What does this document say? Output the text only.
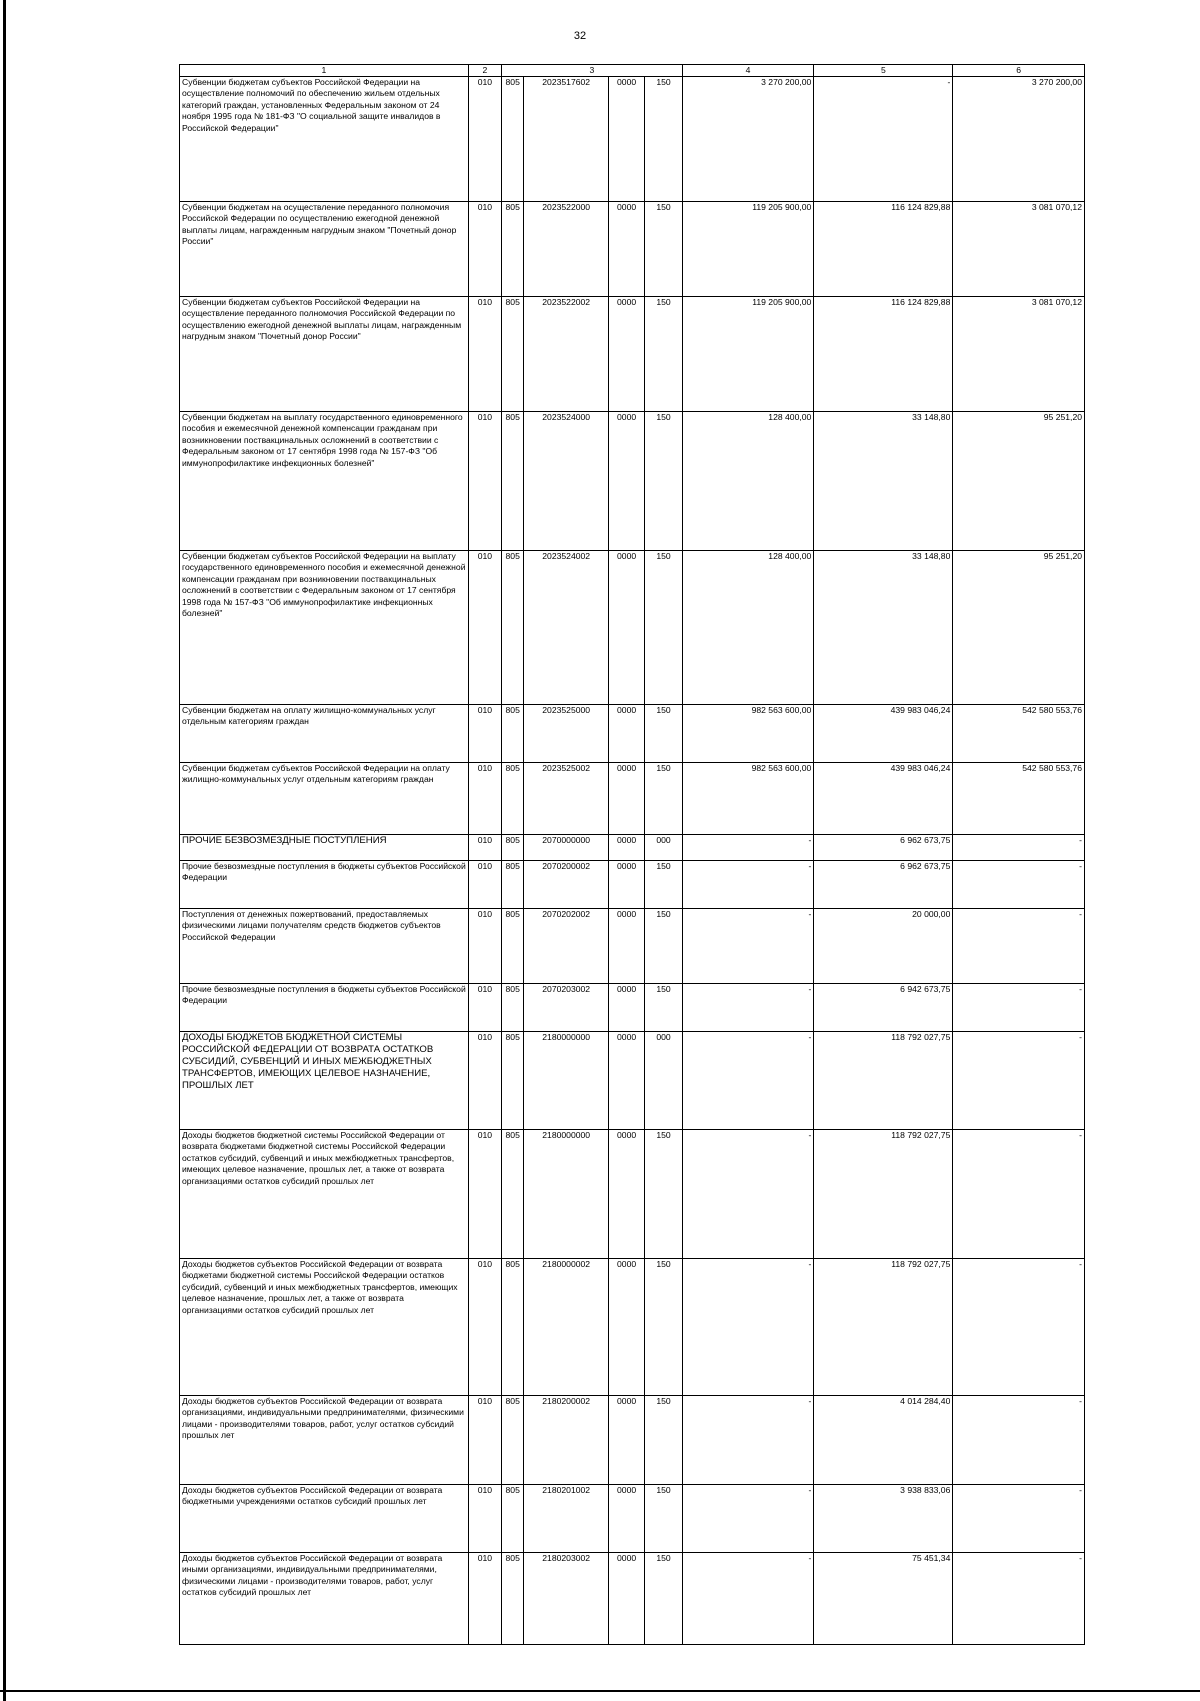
32
1	2	3				4	5	6
Субвенции бюджетам субъектов Российской Федерации на осуществление полномочий по обеспечению жильем отдельных категорий граждан, установленных Федеральным законом от 24 ноября 1995 года № 181-ФЗ "О социальной защите инвалидов в Российской Федерации"	010	805	2023517602	0000	150	3 270 200,00	-	3 270 200,00
Субвенции бюджетам на осуществление переданного полномочия Российской Федерации по осуществлению ежегодной денежной выплаты лицам, награжденным нагрудным знаком "Почетный донор России"	010	805	2023522000	0000	150	119 205 900,00	116 124 829,88	3 081 070,12
Субвенции бюджетам субъектов Российской Федерации на осуществление переданного полномочия Российской Федерации по осуществлению ежегодной денежной выплаты лицам, награжденным нагрудным знаком "Почетный донор России"	010	805	2023522002	0000	150	119 205 900,00	116 124 829,88	3 081 070,12
Субвенции бюджетам на выплату государственного единовременного пособия и ежемесячной денежной компенсации гражданам при возникновении поствакцинальных осложнений в соответствии с Федеральным законом от 17 сентября 1998 года № 157-ФЗ "Об иммунопрофилактике инфекционных болезней"	010	805	2023524000	0000	150	128 400,00	33 148,80	95 251,20
Субвенции бюджетам субъектов Российской Федерации на выплату государственного единовременного пособия и ежемесячной денежной компенсации гражданам при возникновении поствакцинальных осложнений в соответствии с Федеральным законом от 17 сентября 1998 года № 157-ФЗ "Об иммунопрофилактике инфекционных болезней"	010	805	2023524002	0000	150	128 400,00	33 148,80	95 251,20
Субвенции бюджетам на оплату жилищно-коммунальных услуг отдельным категориям граждан	010	805	2023525000	0000	150	982 563 600,00	439 983 046,24	542 580 553,76
Субвенции бюджетам субъектов Российской Федерации на оплату жилищно-коммунальных услуг отдельным категориям граждан	010	805	2023525002	0000	150	982 563 600,00	439 983 046,24	542 580 553,76
ПРОЧИЕ БЕЗВОЗМЕЗДНЫЕ ПОСТУПЛЕНИЯ	010	805	2070000000	0000	000	-	6 962 673,75	-
Прочие безвозмездные поступления в бюджеты субъектов Российской Федерации	010	805	2070200002	0000	150	-	6 962 673,75	-
Поступления от денежных пожертвований, предоставляемых физическими лицами получателям средств бюджетов субъектов Российской Федерации	010	805	2070202002	0000	150	-	20 000,00	-
Прочие безвозмездные поступления в бюджеты субъектов Российской Федерации	010	805	2070203002	0000	150	-	6 942 673,75	-
ДОХОДЫ БЮДЖЕТОВ БЮДЖЕТНОЙ СИСТЕМЫ РОССИЙСКОЙ ФЕДЕРАЦИИ ОТ ВОЗВРАТА ОСТАТКОВ СУБСИДИЙ, СУБВЕНЦИЙ И ИНЫХ МЕЖБЮДЖЕТНЫХ ТРАНСФЕРТОВ, ИМЕЮЩИХ ЦЕЛЕВОЕ НАЗНАЧЕНИЕ, ПРОШЛЫХ ЛЕТ	010	805	2180000000	0000	000	-	118 792 027,75	-
Доходы бюджетов бюджетной системы Российской Федерации от возврата бюджетами бюджетной системы Российской Федерации остатков субсидий, субвенций и иных межбюджетных трансфертов, имеющих целевое назначение, прошлых лет, а также от возврата организациями остатков субсидий прошлых лет	010	805	2180000000	0000	150	-	118 792 027,75	-
Доходы бюджетов субъектов Российской Федерации от возврата бюджетами бюджетной системы Российской Федерации остатков субсидий, субвенций и иных межбюджетных трансфертов, имеющих целевое назначение, прошлых лет, а также от возврата организациями остатков субсидий прошлых лет	010	805	2180000002	0000	150	-	118 792 027,75	-
Доходы бюджетов субъектов Российской Федерации от возврата организациями, индивидуальными предпринимателями, физическими лицами - производителями товаров, работ, услуг остатков субсидий прошлых лет	010	805	2180200002	0000	150	-	4 014 284,40	-
Доходы бюджетов субъектов Российской Федерации от возврата бюджетными учреждениями остатков субсидий прошлых лет	010	805	2180201002	0000	150	-	3 938 833,06	-
Доходы бюджетов субъектов Российской Федерации от возврата иными организациями, индивидуальными предпринимателями, физическими лицами - производителями товаров, работ, услуг остатков субсидий прошлых лет	010	805	2180203002	0000	150	-	75 451,34	-
